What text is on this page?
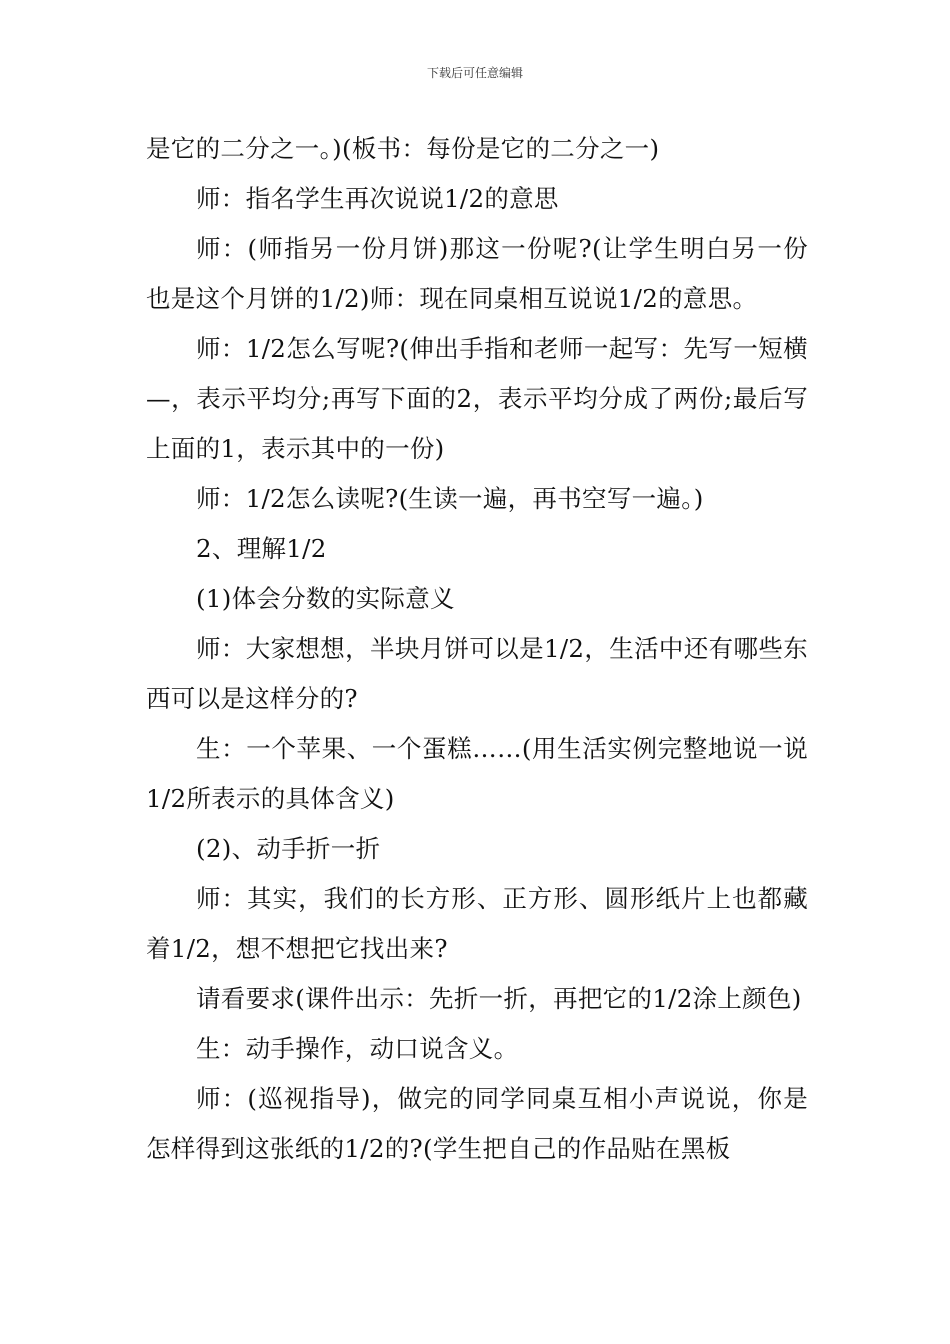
下载后可任意编辑

是它的二分之一。)(板书：每份是它的二分之一)

师：指名学生再次说说1/2的意思

师：(师指另一份月饼)那这一份呢?(让学生明白另一份也是这个月饼的1/2)师：现在同桌相互说说1/2的意思。

师：1/2怎么写呢?(伸出手指和老师一起写：先写一短横—，表示平均分;再写下面的2，表示平均分成了两份;最后写上面的1，表示其中的一份)

师：1/2怎么读呢?(生读一遍，再书空写一遍。)

2、理解1/2

(1)体会分数的实际意义

师：大家想想，半块月饼可以是1/2，生活中还有哪些东西可以是这样分的?

生：一个苹果、一个蛋糕……(用生活实例完整地说一说1/2所表示的具体含义)

(2)、动手折一折

师：其实，我们的长方形、正方形、圆形纸片上也都藏着1/2，想不想把它找出来?

请看要求(课件出示：先折一折，再把它的1/2涂上颜色)

生：动手操作，动口说含义。

师：(巡视指导)，做完的同学同桌互相小声说说，你是怎样得到这张纸的1/2的?(学生把自己的作品贴在黑板
